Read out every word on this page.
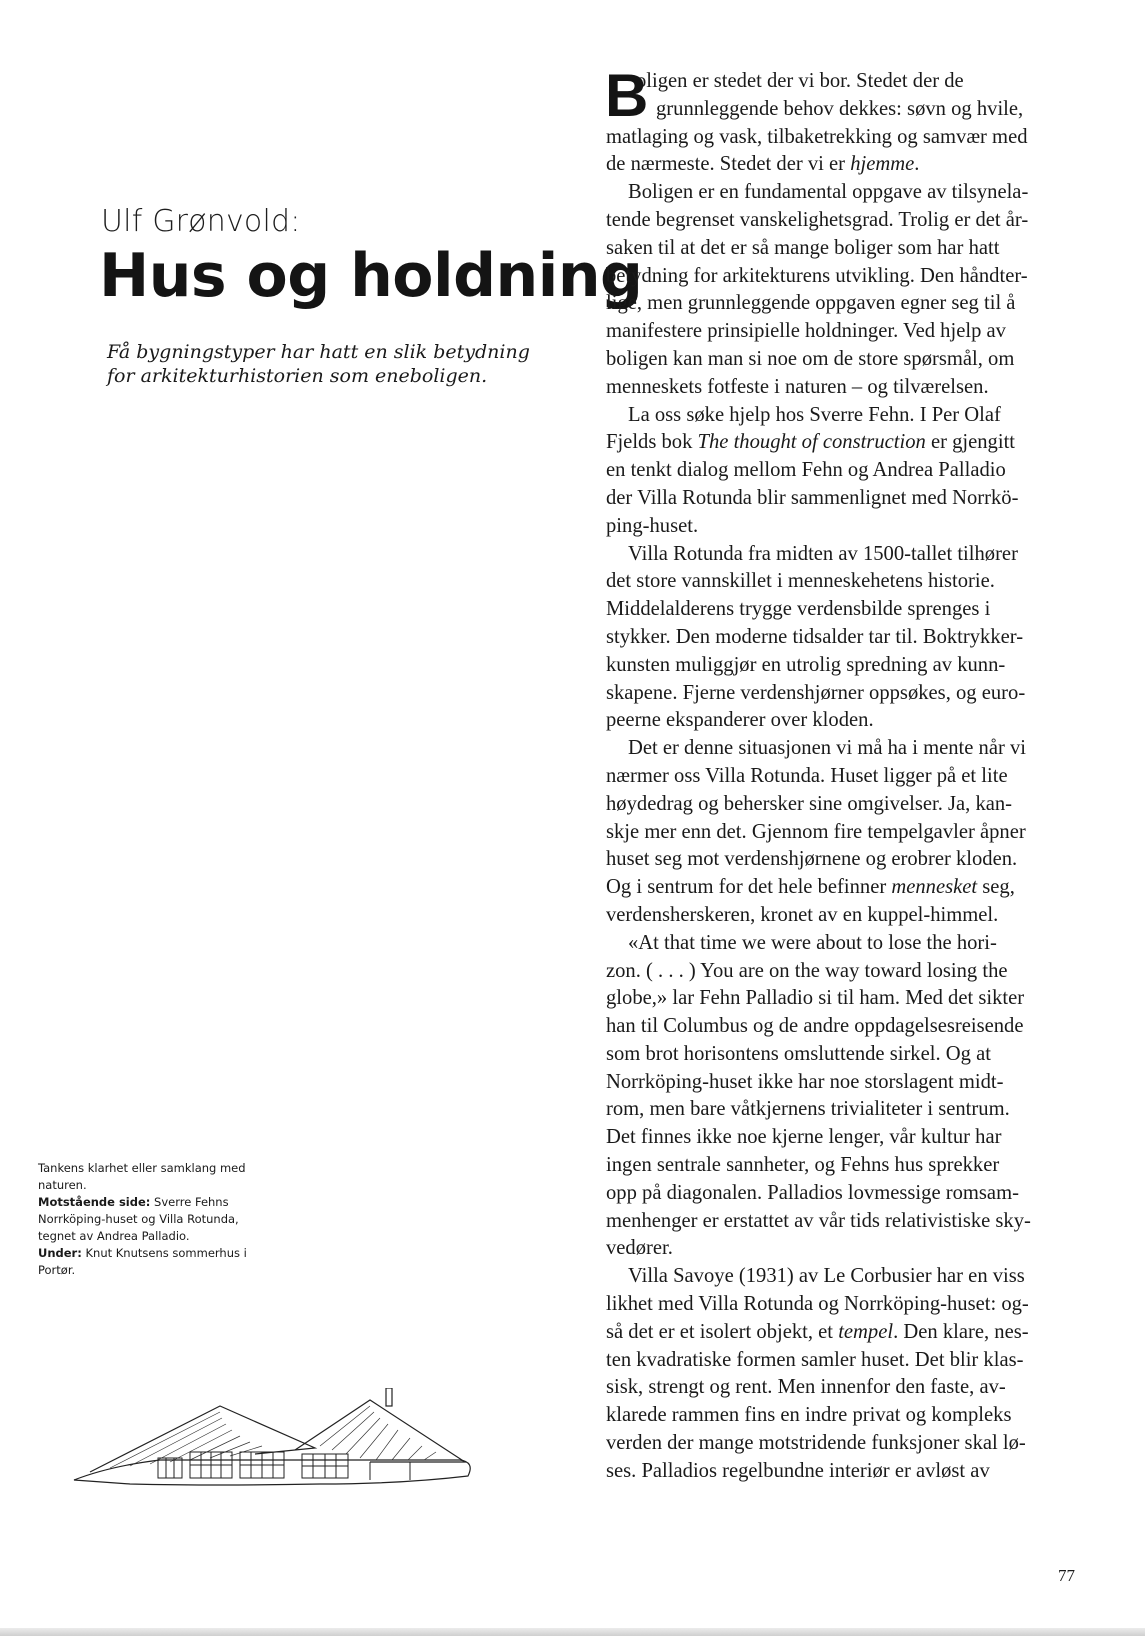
Ulf Grønvold:
Hus og holdning

Få bygningstyper har hatt en slik betydning
for arkitekturhistorien som eneboligen.

Tankens klarhet eller samklang med
naturen.
Motstående side: Sverre Fehns
Norrköping-huset og Villa Rotunda,
tegnet av Andrea Palladio.
Under: Knut Knutsens sommerhus i
Portør.
B
oligen er stedet der vi bor. Stedet der de
grunnleggende behov dekkes: søvn og hvile,
matlaging og vask, tilbaketrekking og samvær med
de nærmeste. Stedet der vi er hjemme.
Boligen er en fundamental oppgave av tilsynela-
tende begrenset vanskelighetsgrad. Trolig er det år-
saken til at det er så mange boliger som har hatt
betydning for arkitekturens utvikling. Den håndter-
lige, men grunnleggende oppgaven egner seg til å
manifestere prinsipielle holdninger. Ved hjelp av
boligen kan man si noe om de store spørsmål, om
menneskets fotfeste i naturen – og tilværelsen.
La oss søke hjelp hos Sverre Fehn. I Per Olaf
Fjelds bok The thought of construction er gjengitt
en tenkt dialog mellom Fehn og Andrea Palladio
der Villa Rotunda blir sammenlignet med Norrkö-
ping-huset.
Villa Rotunda fra midten av 1500-tallet tilhører
det store vannskillet i menneskehetens historie.
Middelalderens trygge verdensbilde sprenges i
stykker. Den moderne tidsalder tar til. Boktrykker-
kunsten muliggjør en utrolig spredning av kunn-
skapene. Fjerne verdenshjørner oppsøkes, og euro-
peerne ekspanderer over kloden.
Det er denne situasjonen vi må ha i mente når vi
nærmer oss Villa Rotunda. Huset ligger på et lite
høydedrag og behersker sine omgivelser. Ja, kan-
skje mer enn det. Gjennom fire tempelgavler åpner
huset seg mot verdenshjørnene og erobrer kloden.
Og i sentrum for det hele befinner mennesket seg,
verdensherskeren, kronet av en kuppel-himmel.
«At that time we were about to lose the hori-
zon. ( . . . ) You are on the way toward losing the
globe,» lar Fehn Palladio si til ham. Med det sikter
han til Columbus og de andre oppdagelsesreisende
som brot horisontens omsluttende sirkel. Og at
Norrköping-huset ikke har noe storslagent midt-
rom, men bare våtkjernens trivialiteter i sentrum.
Det finnes ikke noe kjerne lenger, vår kultur har
ingen sentrale sannheter, og Fehns hus sprekker
opp på diagonalen. Palladios lovmessige romsam-
menhenger er erstattet av vår tids relativistiske sky-
vedører.
Villa Savoye (1931) av Le Corbusier har en viss
likhet med Villa Rotunda og Norrköping-huset: og-
så det er et isolert objekt, et tempel. Den klare, nes-
ten kvadratiske formen samler huset. Det blir klas-
sisk, strengt og rent. Men innenfor den faste, av-
klarede rammen fins en indre privat og kompleks
verden der mange motstridende funksjoner skal lø-
ses. Palladios regelbundne interiør er avløst av
77
